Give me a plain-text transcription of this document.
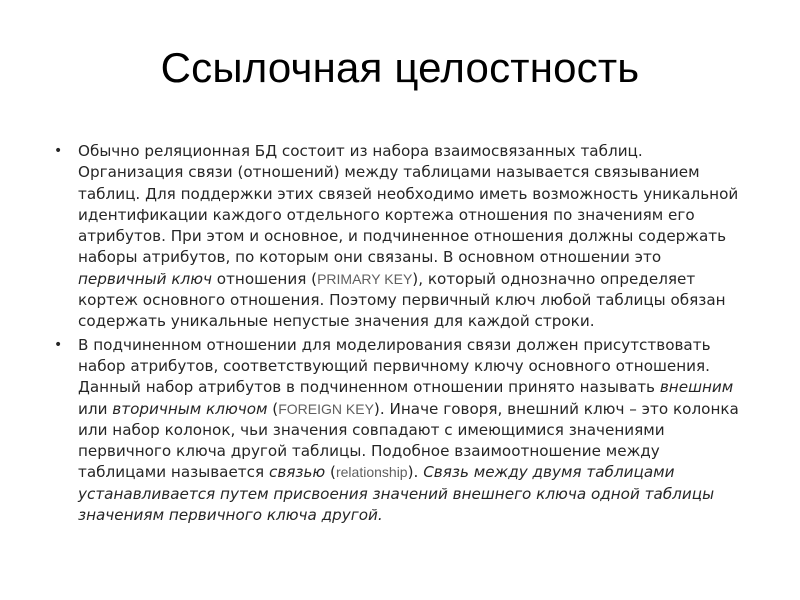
Ссылочная целостность
• Обычно реляционная БД состоит из набора взаимосвязанных таблиц. Организация связи (отношений) между таблицами называется связыванием таблиц. Для поддержки этих связей необходимо иметь возможность уникальной идентификации каждого отдельного кортежа отношения по значениям его атрибутов. При этом и основное, и подчиненное отношения должны содержать наборы атрибутов, по которым они связаны. В основном отношении это первичный ключ отношения (PRIMARY KEY), который однозначно определяет кортеж основного отношения. Поэтому первичный ключ любой таблицы обязан содержать уникальные непустые значения для каждой строки.
• В подчиненном отношении для моделирования связи должен присутствовать набор атрибутов, соответствующий первичному ключу основного отношения. Данный набор атрибутов в подчиненном отношении принято называть внешним или вторичным ключом (FOREIGN KEY). Иначе говоря, внешний ключ – это колонка или набор колонок, чьи значения совпадают с имеющимися значениями первичного ключа другой таблицы. Подобное взаимоотношение между таблицами называется связью (relationship). Связь между двумя таблицами устанавливается путем присвоения значений внешнего ключа одной таблицы значениям первичного ключа другой.
